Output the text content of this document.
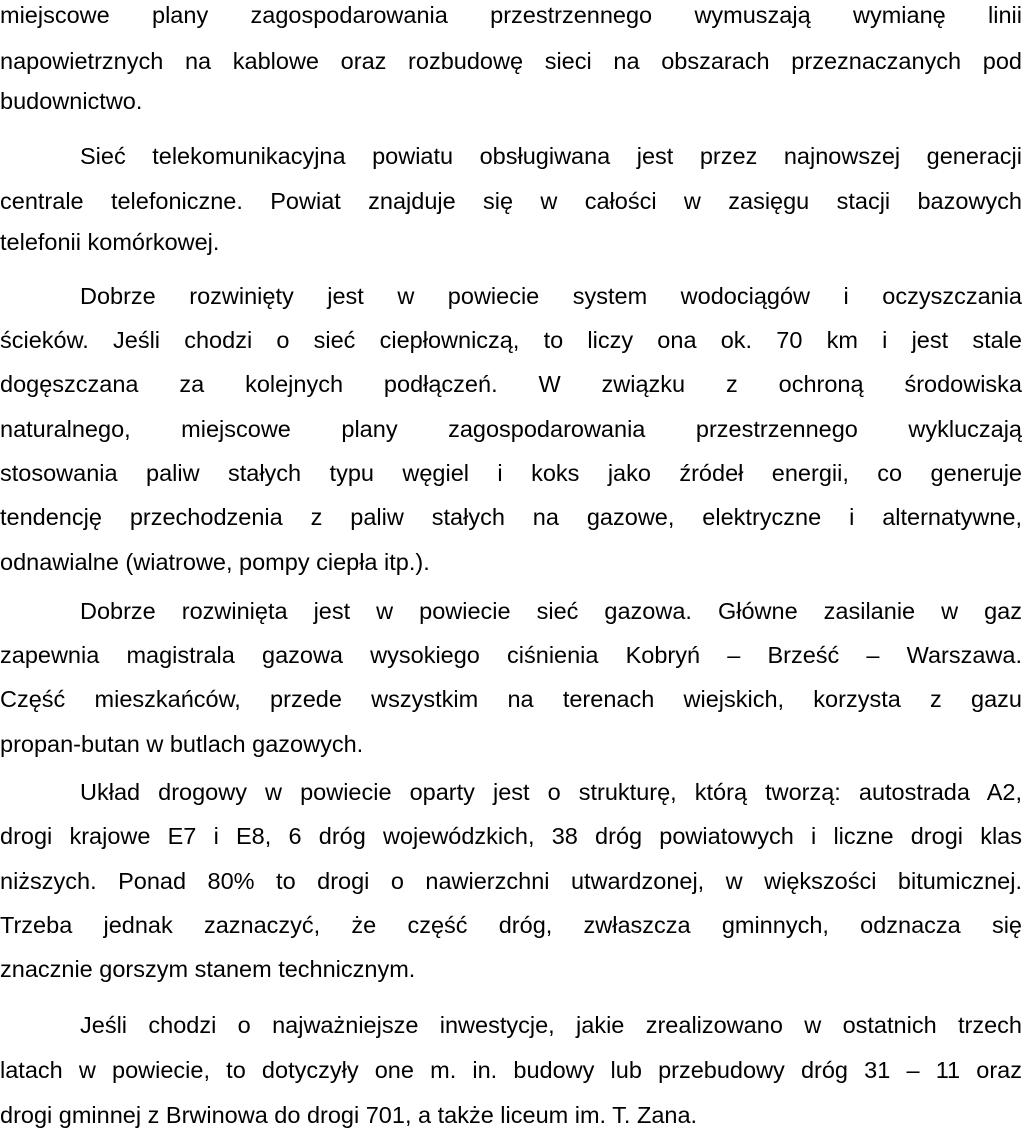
miejscowe plany zagospodarowania przestrzennego wymuszają wymianę linii
napowietrznych na kablowe oraz rozbudowę sieci na obszarach przeznaczanych pod
budownictwo.
Sieć telekomunikacyjna powiatu obsługiwana jest przez najnowszej generacji
centrale telefoniczne. Powiat znajduje się w całości w zasięgu stacji bazowych
telefonii komórkowej.
Dobrze rozwinięty jest w powiecie system wodociągów i oczyszczania
ścieków. Jeśli chodzi o sieć ciepłowniczą, to liczy ona ok. 70 km i jest stale
dogęszczana za kolejnych podłączeń. W związku z ochroną środowiska
naturalnego, miejscowe plany zagospodarowania przestrzennego wykluczają
stosowania paliw stałych typu węgiel i koks jako źródeł energii, co generuje
tendencję przechodzenia z paliw stałych na gazowe, elektryczne i alternatywne,
odnawialne (wiatrowe, pompy ciepła itp.).
Dobrze rozwinięta jest w powiecie sieć gazowa. Główne zasilanie w gaz
zapewnia magistrala gazowa wysokiego ciśnienia Kobryń – Brześć – Warszawa.
Część mieszkańców, przede wszystkim na terenach wiejskich, korzysta z gazu
propan-butan w butlach gazowych.
Układ drogowy w powiecie oparty jest o strukturę, którą tworzą: autostrada A2,
drogi krajowe E7 i E8, 6 dróg wojewódzkich, 38 dróg powiatowych i liczne drogi klas
niższych. Ponad 80% to drogi o nawierzchni utwardzonej, w większości bitumicznej.
Trzeba jednak zaznaczyć, że część dróg, zwłaszcza gminnych, odznacza się
znacznie gorszym stanem technicznym.
Jeśli chodzi o najważniejsze inwestycje, jakie zrealizowano w ostatnich trzech
latach w powiecie, to dotyczyły one m. in. budowy lub przebudowy dróg 31 – 11 oraz
drogi gminnej z Brwinowa do drogi 701, a także liceum im. T. Zana.
